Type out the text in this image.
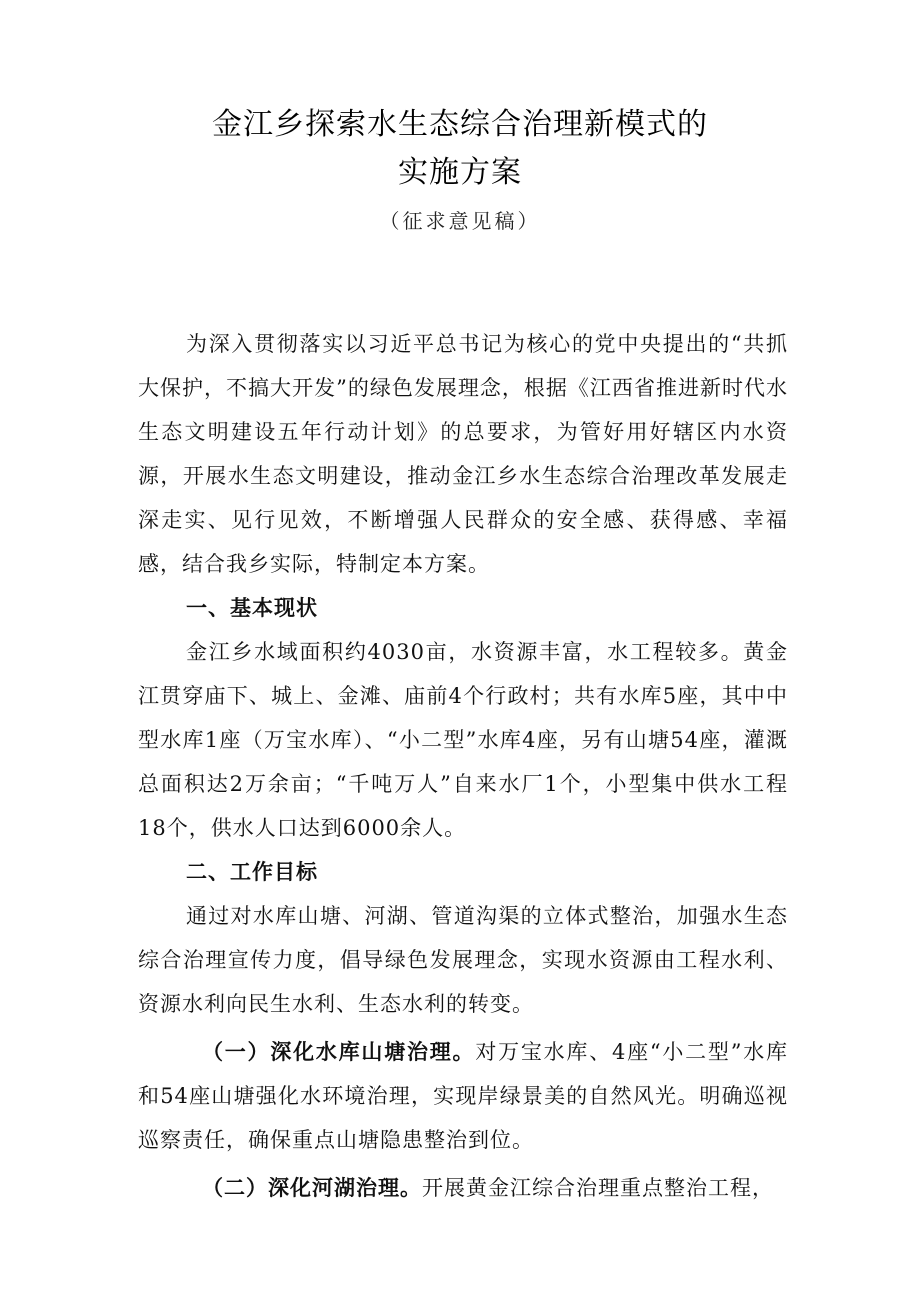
金江乡探索水生态综合治理新模式的
实施方案
（征求意见稿）

为深入贯彻落实以习近平总书记为核心的党中央提出的“共抓大保护，不搞大开发”的绿色发展理念，根据《江西省推进新时代水生态文明建设五年行动计划》的总要求，为管好用好辖区内水资源，开展水生态文明建设，推动金江乡水生态综合治理改革发展走深走实、见行见效，不断增强人民群众的安全感、获得感、幸福感，结合我乡实际，特制定本方案。

一、基本现状

金江乡水域面积约4030亩，水资源丰富，水工程较多。黄金江贯穿庙下、城上、金滩、庙前4个行政村；共有水库5座，其中中型水库1座（万宝水库）、“小二型”水库4座，另有山塘54座，灌溉总面积达2万余亩；“千吨万人”自来水厂1个，小型集中供水工程18个，供水人口达到6000余人。

二、工作目标

通过对水库山塘、河湖、管道沟渠的立体式整治，加强水生态综合治理宣传力度，倡导绿色发展理念，实现水资源由工程水利、资源水利向民生水利、生态水利的转变。

（一）深化水库山塘治理。对万宝水库、4座“小二型”水库和54座山塘强化水环境治理，实现岸绿景美的自然风光。明确巡视巡察责任，确保重点山塘隐患整治到位。

（二）深化河湖治理。开展黄金江综合治理重点整治工程，
